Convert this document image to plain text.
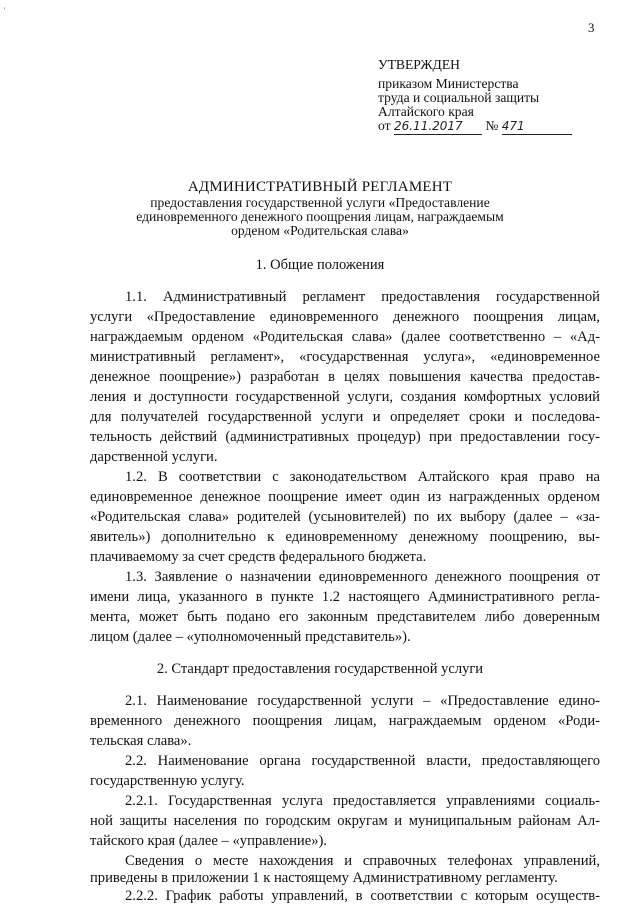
'
3
УТВЕРЖДЕН
приказом Министерства
труда и социальной защиты
Алтайского края
от 26.11.2017 № 471
АДМИНИСТРАТИВНЫЙ РЕГЛАМЕНТ
предоставления государственной услуги «Предоставление
единовременного денежного поощрения лицам, награждаемым
орденом «Родительская слава»
1. Общие положения
1.1. Административный регламент предоставления государственной
услуги «Предоставление единовременного денежного поощрения лицам,
награждаемым орденом «Родительская слава» (далее соответственно – «Ад-
министративный регламент», «государственная услуга», «единовременное
денежное поощрение») разработан в целях повышения качества предостав-
ления и доступности государственной услуги, создания комфортных условий
для получателей государственной услуги и определяет сроки и последова-
тельность действий (административных процедур) при предоставлении госу-
дарственной услуги.
1.2. В соответствии с законодательством Алтайского края право на
единовременное денежное поощрение имеет один из награжденных орденом
«Родительская слава» родителей (усыновителей) по их выбору (далее – «за-
явитель») дополнительно к единовременному денежному поощрению, вы-
плачиваемому за счет средств федерального бюджета.
1.3. Заявление о назначении единовременного денежного поощрения от
имени лица, указанного в пункте 1.2 настоящего Административного регла-
мента, может быть подано его законным представителем либо доверенным
лицом (далее – «уполномоченный представитель»).
2. Стандарт предоставления государственной услуги
2.1. Наименование государственной услуги – «Предоставление едино-
временного денежного поощрения лицам, награждаемым орденом «Роди-
тельская слава».
2.2. Наименование органа государственной власти, предоставляющего
государственную услугу.
2.2.1. Государственная услуга предоставляется управлениями социаль-
ной защиты населения по городским округам и муниципальным районам Ал-
тайского края (далее – «управление»).
Сведения о месте нахождения и справочных телефонах управлений,
приведены в приложении 1 к настоящему Административному регламенту.
2.2.2. График работы управлений, в соответствии с которым осуществ-
